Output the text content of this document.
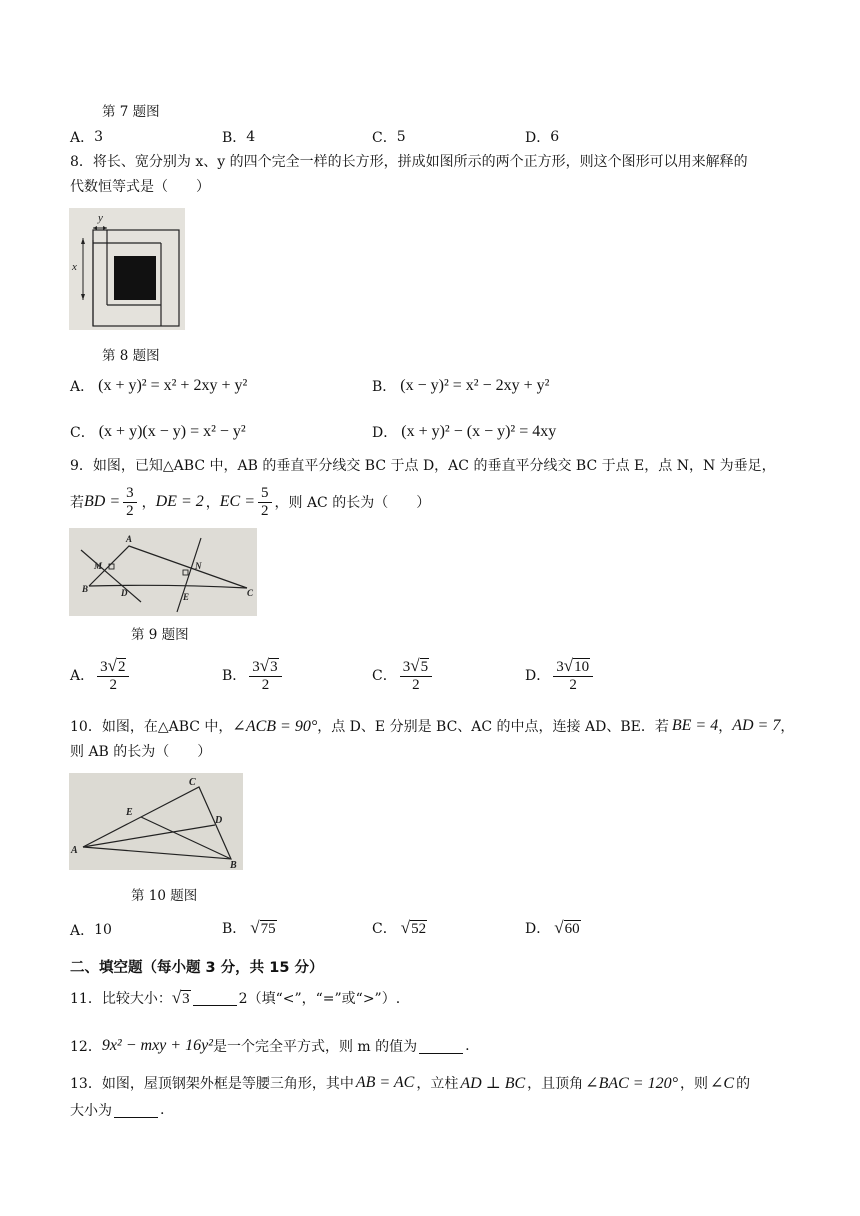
第 7 题图
A． 3	B． 4	C． 5	D． 6
8．将长、宽分别为 x、y 的四个完全一样的长方形，拼成如图所示的两个正方形，则这个图形可以用来解释的
代数恒等式是（　　）
y
x
第 8 题图
A． (x + y)² = x² + 2xy + y²	B． (x − y)² = x² − 2xy + y²
C． (x + y)(x − y) = x² − y²	D． (x + y)² − (x − y)² = 4xy
9．如图，已知△ABC 中，AB 的垂直平分线交 BC 于点 D，AC 的垂直平分线交 BC 于点 E，点 N，N 为垂足，
若 BD = $\frac{3}{2}$ ， DE = 2 ， EC = $\frac{5}{2}$ ，则 AC 的长为（　　）
A
M	N
B	D	E	C
第 9 题图
A． $\frac{3 √ 2}{2}$	B． $\frac{3 √ 3}{2}$	C． $\frac{3 √ 5}{2}$	D． $\frac{3 √ 10}{2}$
10．如图，在△ABC 中， ∠ACB = 90° ，点 D、E 分别是 BC、AC 的中点，连接 AD、BE．若 BE = 4 ， AD = 7 ，
则 AB 的长为（　　）
C
E
D
A
B
第 10 题图
A． 10	B． √ 75	C． √ 52	D． √ 60
二、填空题（每小题 3 分，共 15 分）
11．比较大小： √ 3	2（填“<”，“=”或“>”）.
12． 9x² − mxy + 16y² 是一个完全平方式，则 m 的值为	.
13．如图，屋顶钢架外框是等腰三角形，其中 AB = AC ，立柱 AD ⊥ BC ，且顶角 ∠BAC = 120° ，则 ∠C 的
大小为	.
